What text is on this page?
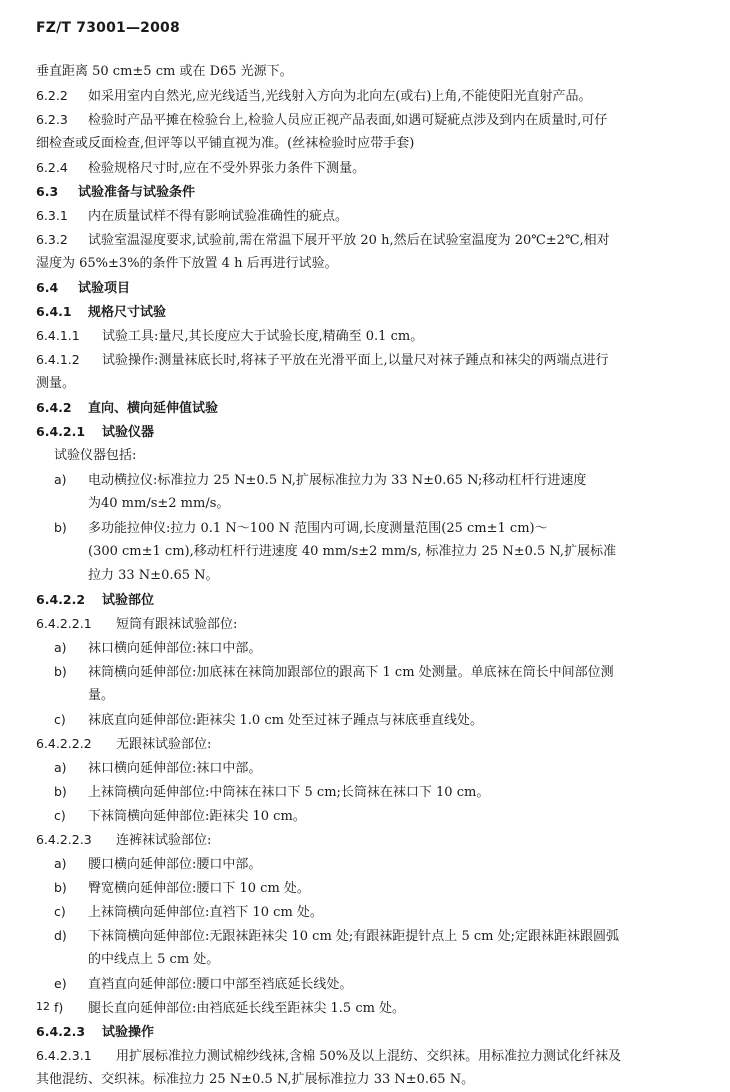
FZ/T 73001—2008
垂直距离 50 cm±5 cm 或在 D65 光源下。
6.2.2 如采用室内自然光,应光线适当,光线射入方向为北向左(或右)上角,不能使阳光直射产品。
6.2.3 检验时产品平摊在检验台上,检验人员应正视产品表面,如遇可疑疵点涉及到内在质量时,可仔
细检查或反面检查,但评等以平铺直视为准。(丝袜检验时应带手套)
6.2.4 检验规格尺寸时,应在不受外界张力条件下测量。
6.3 试验准备与试验条件
6.3.1 内在质量试样不得有影响试验准确性的疵点。
6.3.2 试验室温湿度要求,试验前,需在常温下展开平放 20 h,然后在试验室温度为 20℃±2℃,相对
湿度为 65%±3%的条件下放置 4 h 后再进行试验。
6.4 试验项目
6.4.1 规格尺寸试验
6.4.1.1 试验工具:量尺,其长度应大于试验长度,精确至 0.1 cm。
6.4.1.2 试验操作:测量袜底长时,将袜子平放在光滑平面上,以量尺对袜子踵点和袜尖的两端点进行
测量。
6.4.2 直向、横向延伸值试验
6.4.2.1 试验仪器
试验仪器包括:
a) 电动横拉仪:标准拉力 25 N±0.5 N,扩展标准拉力为 33 N±0.65 N;移动杠杆行进速度
为40 mm/s±2 mm/s。
b) 多功能拉伸仪:拉力 0.1 N～100 N 范围内可调,长度测量范围(25 cm±1 cm)～
(300 cm±1 cm),移动杠杆行进速度 40 mm/s±2 mm/s, 标准拉力 25 N±0.5 N,扩展标准
拉力 33 N±0.65 N。
6.4.2.2 试验部位
6.4.2.2.1 短筒有跟袜试验部位:
a) 袜口横向延伸部位:袜口中部。
b) 袜筒横向延伸部位:加底袜在袜筒加跟部位的跟高下 1 cm 处测量。单底袜在筒长中间部位测
量。
c) 袜底直向延伸部位:距袜尖 1.0 cm 处至过袜子踵点与袜底垂直线处。
6.4.2.2.2 无跟袜试验部位:
a) 袜口横向延伸部位:袜口中部。
b) 上袜筒横向延伸部位:中筒袜在袜口下 5 cm;长筒袜在袜口下 10 cm。
c) 下袜筒横向延伸部位:距袜尖 10 cm。
6.4.2.2.3 连裤袜试验部位:
a) 腰口横向延伸部位:腰口中部。
b) 臀宽横向延伸部位:腰口下 10 cm 处。
c) 上袜筒横向延伸部位:直裆下 10 cm 处。
d) 下袜筒横向延伸部位:无跟袜距袜尖 10 cm 处;有跟袜距提针点上 5 cm 处;定跟袜距袜跟圆弧
的中线点上 5 cm 处。
e) 直裆直向延伸部位:腰口中部至裆底延长线处。
f) 腿长直向延伸部位:由裆底延长线至距袜尖 1.5 cm 处。
6.4.2.3 试验操作
6.4.2.3.1 用扩展标准拉力测试棉纱线袜,含棉 50%及以上混纺、交织袜。用标准拉力测试化纤袜及
其他混纺、交织袜。标准拉力 25 N±0.5 N,扩展标准拉力 33 N±0.65 N。
12
